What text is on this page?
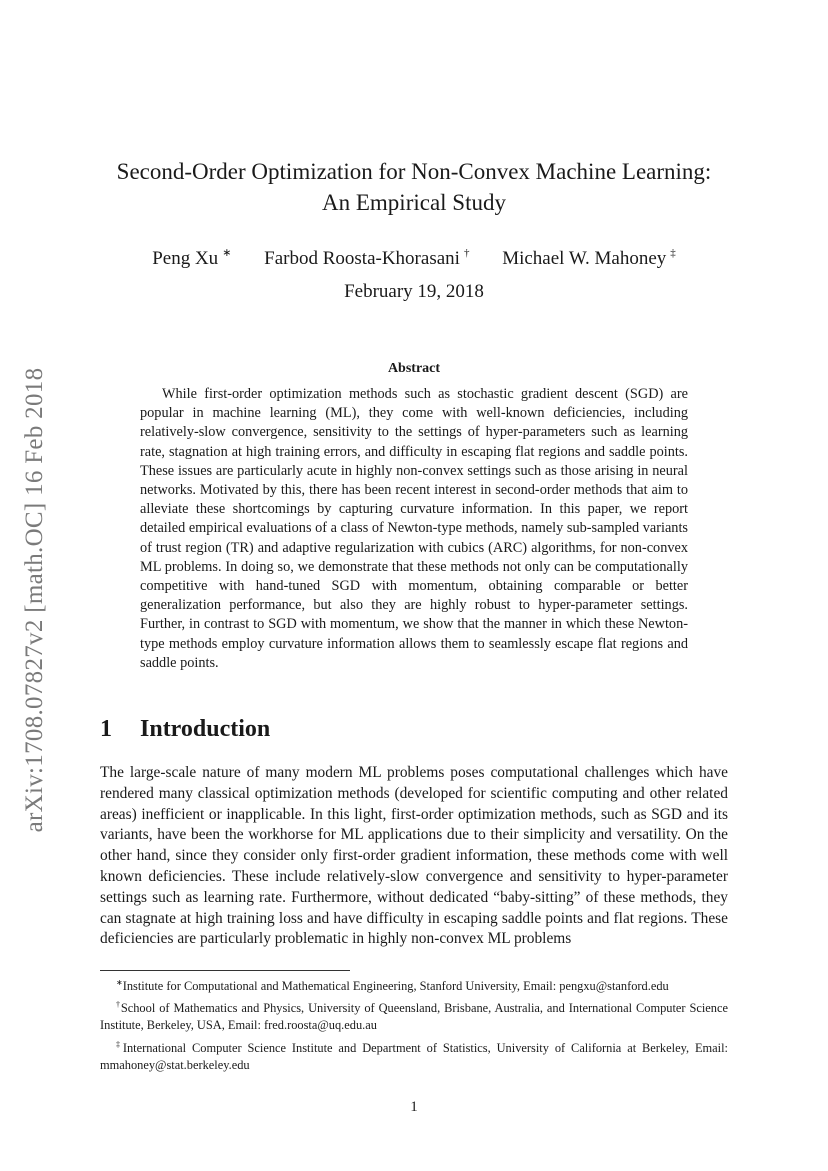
arXiv:1708.07827v2 [math.OC] 16 Feb 2018
Second-Order Optimization for Non-Convex Machine Learning:
An Empirical Study
Peng Xu ∗ Farbod Roosta-Khorasani † Michael W. Mahoney ‡
February 19, 2018
Abstract
While first-order optimization methods such as stochastic gradient descent (SGD) are popular in machine learning (ML), they come with well-known deficiencies, including relatively-slow convergence, sensitivity to the settings of hyper-parameters such as learning rate, stagnation at high training errors, and difficulty in escaping flat regions and saddle points. These issues are particularly acute in highly non-convex settings such as those arising in neural networks. Motivated by this, there has been recent interest in second-order methods that aim to alleviate these shortcomings by capturing curvature information. In this paper, we report detailed empirical evaluations of a class of Newton-type methods, namely sub-sampled variants of trust region (TR) and adaptive regularization with cubics (ARC) algorithms, for non-convex ML problems. In doing so, we demonstrate that these methods not only can be computationally competitive with hand-tuned SGD with momentum, obtaining comparable or better generalization performance, but also they are highly robust to hyper-parameter settings. Further, in contrast to SGD with momentum, we show that the manner in which these Newton-type methods employ curvature information allows them to seamlessly escape flat regions and saddle points.
1 Introduction
The large-scale nature of many modern ML problems poses computational challenges which have rendered many classical optimization methods (developed for scientific computing and other related areas) inefficient or inapplicable. In this light, first-order optimization methods, such as SGD and its variants, have been the workhorse for ML applications due to their simplicity and versatility. On the other hand, since they consider only first-order gradient information, these methods come with well known deficiencies. These include relatively-slow convergence and sensitivity to hyper-parameter settings such as learning rate. Furthermore, without dedicated “baby-sitting” of these methods, they can stagnate at high training loss and have difficulty in escaping saddle points and flat regions. These deficiencies are particularly problematic in highly non-convex ML problems
∗Institute for Computational and Mathematical Engineering, Stanford University, Email: pengxu@stanford.edu
†School of Mathematics and Physics, University of Queensland, Brisbane, Australia, and International Computer Science Institute, Berkeley, USA, Email: fred.roosta@uq.edu.au
‡International Computer Science Institute and Department of Statistics, University of California at Berkeley, Email: mmahoney@stat.berkeley.edu
1
